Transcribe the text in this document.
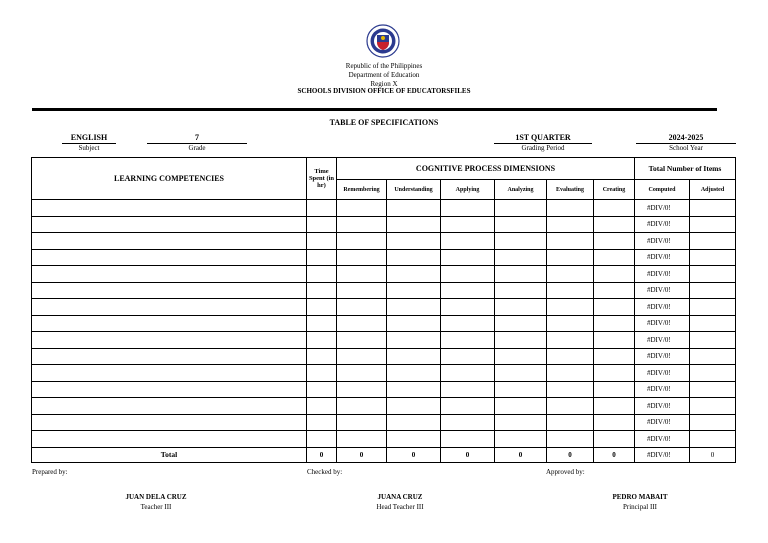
Republic of the Philippines
Department of Education
Region X
SCHOOLS DIVISION OFFICE OF EDUCATORSFILES
TABLE OF SPECIFICATIONS
ENGLISH
Subject
7
Grade
1ST QUARTER
Grading Period
2024-2025
School Year
LEARNING COMPETENCIES	Time Spent (in hr)	COGNITIVE PROCESS DIMENSIONS						Total Number of Items	
		Remembering	Understanding	Applying	Analyzing	Evaluating	Creating	Computed	Adjusted
								#DIV/0!	
								#DIV/0!	
								#DIV/0!	
								#DIV/0!	
								#DIV/0!	
								#DIV/0!	
								#DIV/0!	
								#DIV/0!	
								#DIV/0!	
								#DIV/0!	
								#DIV/0!	
								#DIV/0!	
								#DIV/0!	
								#DIV/0!	
								#DIV/0!	
Total	0	0	0	0	0	0	0	#DIV/0!	0
Prepared by:	Checked by:	Approved by:
JUAN DELA CRUZ
Teacher III
JUANA CRUZ
Head Teacher III
PEDRO MABAIT
Principal III
